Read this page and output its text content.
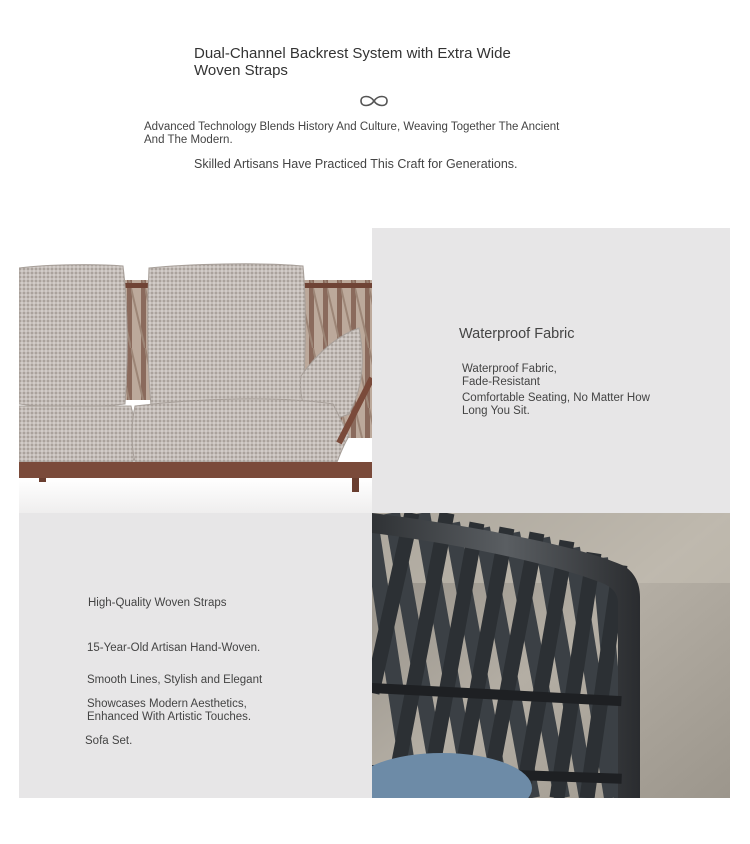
Dual-Channel Backrest System with Extra Wide
Woven Straps
Advanced Technology Blends History And Culture, Weaving Together The Ancient
And The Modern.
Skilled Artisans Have Practiced This Craft for Generations.
Waterproof Fabric
Waterproof Fabric,
Fade-Resistant
Comfortable Seating, No Matter How
Long You Sit.
High-Quality Woven Straps
15-Year-Old Artisan Hand-Woven.
Smooth Lines, Stylish and Elegant
Showcases Modern Aesthetics,
Enhanced With Artistic Touches.
Sofa Set.
